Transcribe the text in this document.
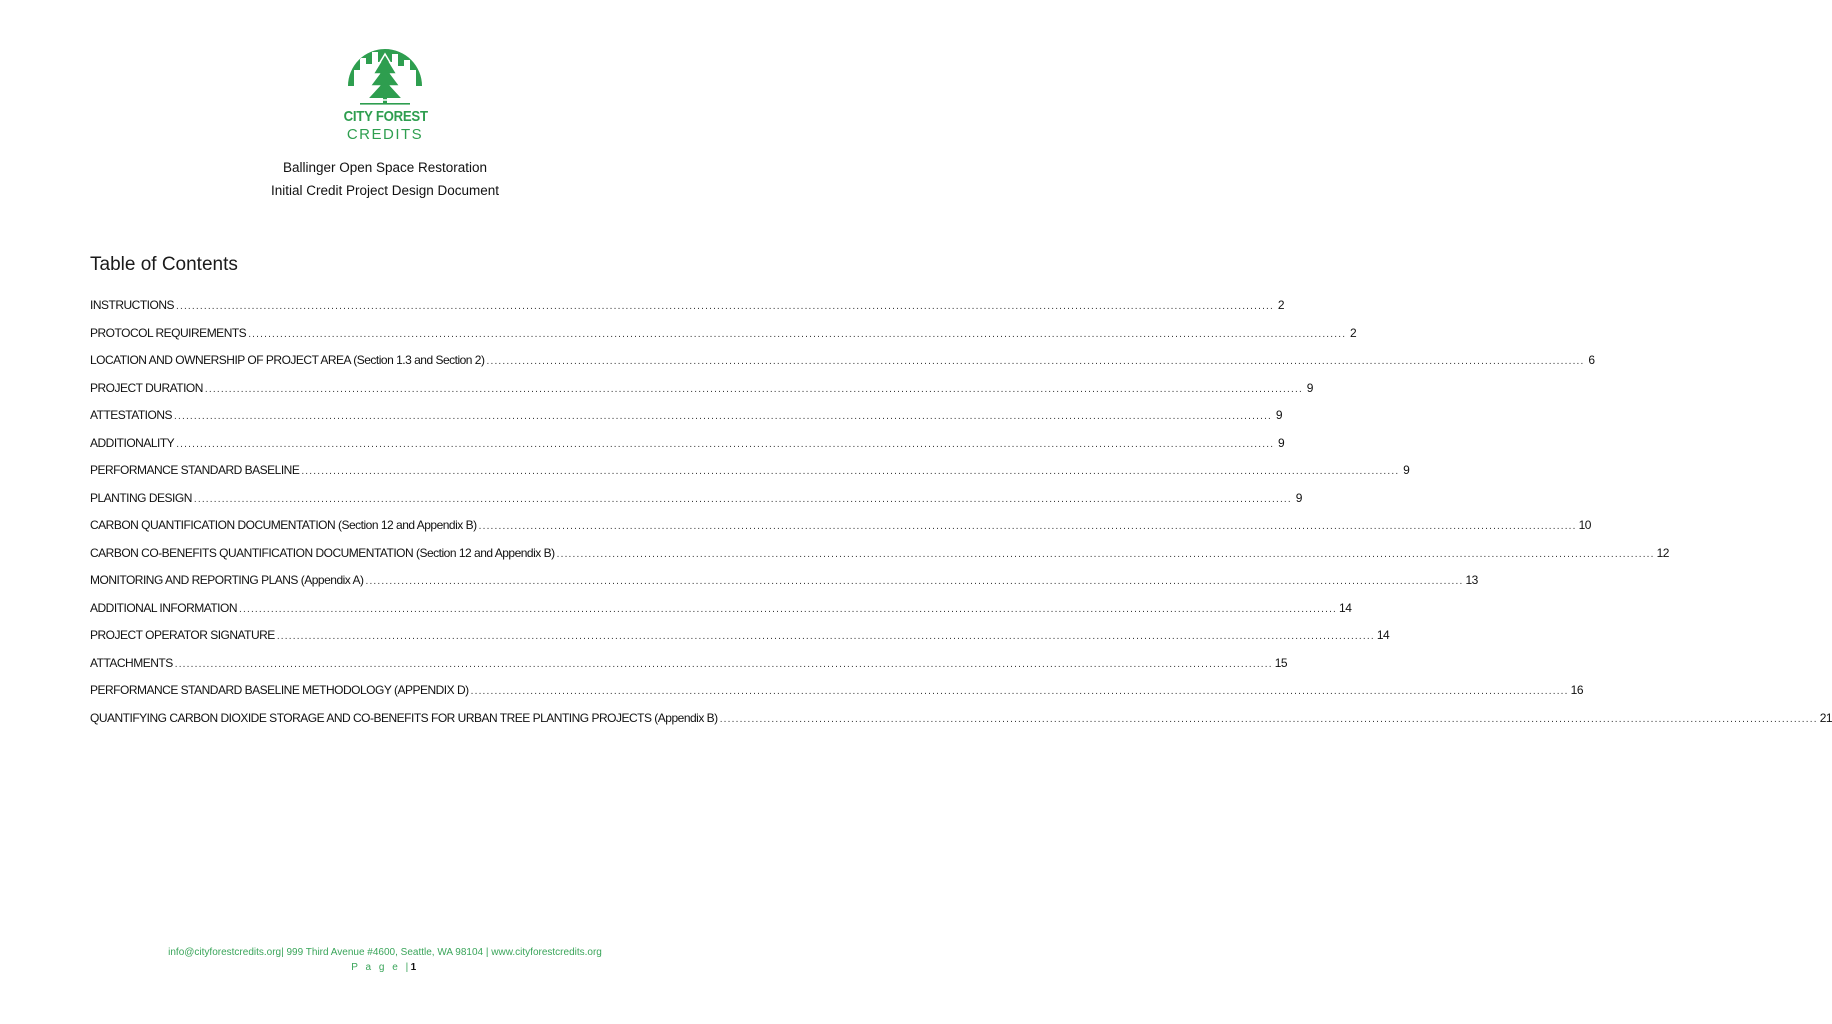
CITY FOREST
CREDITS
Ballinger Open Space Restoration
Initial Credit Project Design Document
Table of Contents
INSTRUCTIONS .....	2
PROTOCOL REQUIREMENTS .....	2
LOCATION AND OWNERSHIP OF PROJECT AREA (Section 1.3 and Section 2) .....	6
PROJECT DURATION .....	9
ATTESTATIONS .....	9
ADDITIONALITY .....	9
PERFORMANCE STANDARD BASELINE .....	9
PLANTING DESIGN .....	9
CARBON QUANTIFICATION DOCUMENTATION (Section 12 and Appendix B) .....	10
CARBON CO-BENEFITS QUANTIFICATION DOCUMENTATION (Section 12 and Appendix B) .....	12
MONITORING AND REPORTING PLANS (Appendix A) .....	13
ADDITIONAL INFORMATION .....	14
PROJECT OPERATOR SIGNATURE .....	14
ATTACHMENTS .....	15
PERFORMANCE STANDARD BASELINE METHODOLOGY (APPENDIX D) .....	16
QUANTIFYING CARBON DIOXIDE STORAGE AND CO-BENEFITS FOR URBAN TREE PLANTING PROJECTS (Appendix B) .....	21
info@cityforestcredits.org| 999 Third Avenue #4600, Seattle, WA 98104 | www.cityforestcredits.org
P a g e |1
